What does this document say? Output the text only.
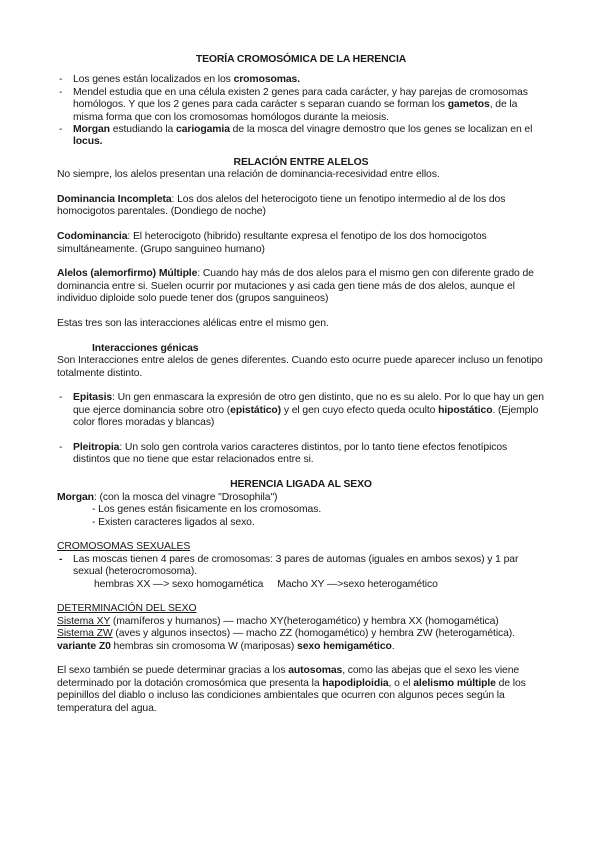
TEORÍA CROMOSÓMICA DE LA HERENCIA

- Los genes están localizados en los cromosomas.
- Mendel estudia que en una célula existen 2 genes para cada carácter, y hay parejas de cromosomas homólogos. Y que los 2 genes para cada carácter s separan cuando se forman los gametos, de la misma forma que con los cromosomas homólogos durante la meiosis.
- Morgan estudiando la cariogamia de la mosca del vinagre demostro que los genes se localizan en el locus.

RELACIÓN ENTRE ALELOS

No siempre, los alelos presentan una relación de dominancia-recesividad entre ellos.

Dominancia Incompleta: Los dos alelos del heterocigoto tiene un fenotipo intermedio al de los dos homocigotos parentales. (Dondiego de noche)

Codominancia: El heterocigoto (hibrido) resultante expresa el fenotipo de los dos homocigotos simultáneamente. (Grupo sanguineo humano)

Alelos (alemorfirmo) Múltiple: Cuando hay más de dos alelos para el mismo gen con diferente grado de dominancia entre si. Suelen ocurrir por mutaciones y asi cada gen tiene más de dos alelos, aunque el individuo diploide solo puede tener dos (grupos sanguineos)

Estas tres son las interacciones alélicas entre el mismo gen.

Interacciones génicas

Son Interacciones entre alelos de genes diferentes. Cuando esto ocurre puede aparecer incluso un fenotipo totalmente distinto.

- Epitasis: Un gen enmascara la expresión de otro gen distinto, que no es su alelo. Por lo que hay un gen que ejerce dominancia sobre otro (epistático) y el gen cuyo efecto queda oculto hipostático. (Ejemplo color flores moradas y blancas)
- Pleitropia: Un solo gen controla varios caracteres distintos, por lo tanto tiene efectos fenotípicos distintos que no tiene que estar relacionados entre si.

HERENCIA LIGADA AL SEXO

Morgan: (con la mosca del vinagre "Drosophila")

- Los genes están fisicamente en los cromosomas.

- Existen caracteres ligados al sexo.

CROMOSOMAS SEXUALES

- Las moscas tienen 4 pares de cromosomas: 3 pares de automas (iguales en ambos sexos) y 1 par sexual (heterocromosoma).

hembras XX —> sexo homogamética     Macho XY —>sexo heterogamético

DETERMINACIÓN DEL SEXO

Sistema XY (mamíferos y humanos) — macho XY(heterogamético) y hembra XX (homogamética)

Sistema ZW (aves y algunos insectos) — macho ZZ (homogamético) y hembra ZW (heterogamética). variante Z0 hembras sin cromosoma W (mariposas) sexo hemigamético.

El sexo también se puede determinar gracias a los autosomas, como las abejas que el sexo les viene determinado por la dotación cromosómica que presenta la hapodiploidia, o el alelismo múltiple de los pepinillos del diablo o incluso las condiciones ambientales que ocurren con algunos peces según la temperatura del agua.
